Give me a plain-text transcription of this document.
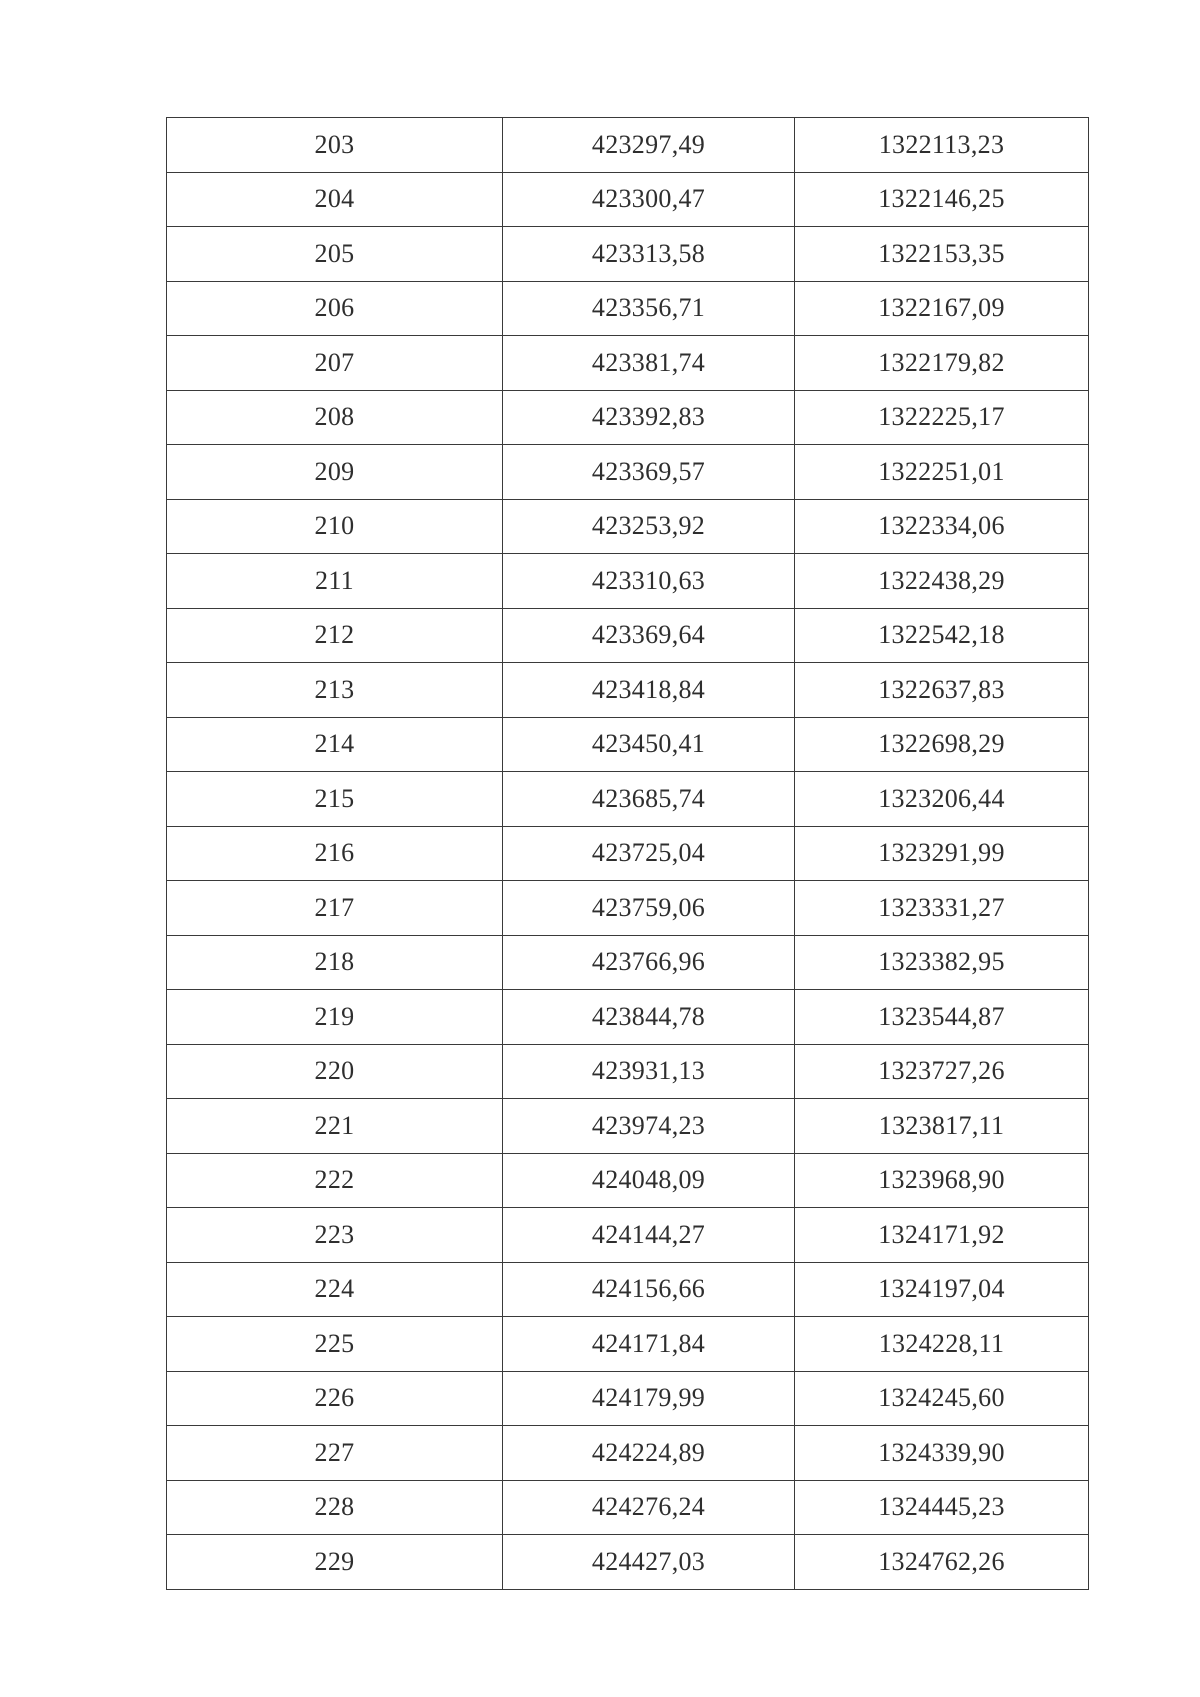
203	423297,49	1322113,23
204	423300,47	1322146,25
205	423313,58	1322153,35
206	423356,71	1322167,09
207	423381,74	1322179,82
208	423392,83	1322225,17
209	423369,57	1322251,01
210	423253,92	1322334,06
211	423310,63	1322438,29
212	423369,64	1322542,18
213	423418,84	1322637,83
214	423450,41	1322698,29
215	423685,74	1323206,44
216	423725,04	1323291,99
217	423759,06	1323331,27
218	423766,96	1323382,95
219	423844,78	1323544,87
220	423931,13	1323727,26
221	423974,23	1323817,11
222	424048,09	1323968,90
223	424144,27	1324171,92
224	424156,66	1324197,04
225	424171,84	1324228,11
226	424179,99	1324245,60
227	424224,89	1324339,90
228	424276,24	1324445,23
229	424427,03	1324762,26
